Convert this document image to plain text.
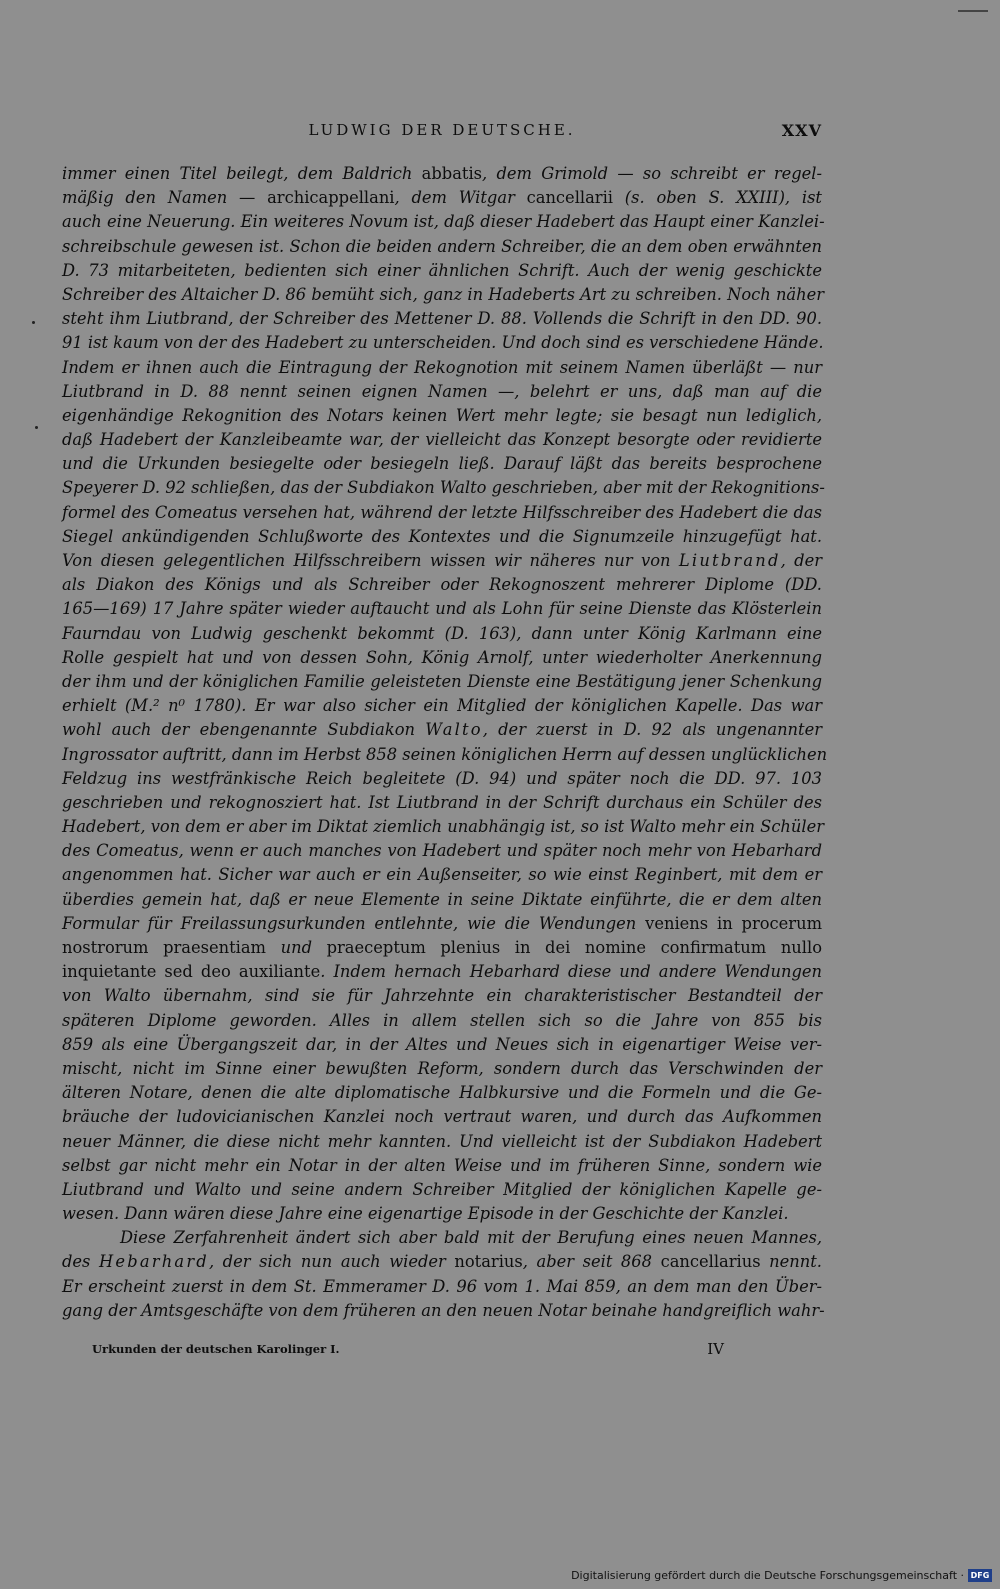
LUDWIG DER DEUTSCHE.	XXV
immer einen Titel beilegt, dem Baldrich abbatis, dem Grimold — so schreibt er regel-
mäßig den Namen — archicappellani, dem Witgar cancellarii (s. oben S. XXIII), ist
auch eine Neuerung. Ein weiteres Novum ist, daß dieser Hadebert das Haupt einer Kanzlei-
schreibschule gewesen ist. Schon die beiden andern Schreiber, die an dem oben erwähnten
D. 73 mitarbeiteten, bedienten sich einer ähnlichen Schrift. Auch der wenig geschickte
Schreiber des Altaicher D. 86 bemüht sich, ganz in Hadeberts Art zu schreiben. Noch näher
steht ihm Liutbrand, der Schreiber des Mettener D. 88. Vollends die Schrift in den DD. 90.
91 ist kaum von der des Hadebert zu unterscheiden. Und doch sind es verschiedene Hände.
Indem er ihnen auch die Eintragung der Rekognotion mit seinem Namen überläßt — nur
Liutbrand in D. 88 nennt seinen eignen Namen —, belehrt er uns, daß man auf die
eigenhändige Rekognition des Notars keinen Wert mehr legte; sie besagt nun lediglich,
daß Hadebert der Kanzleibeamte war, der vielleicht das Konzept besorgte oder revidierte
und die Urkunden besiegelte oder besiegeln ließ. Darauf läßt das bereits besprochene
Speyerer D. 92 schließen, das der Subdiakon Walto geschrieben, aber mit der Rekognitions-
formel des Comeatus versehen hat, während der letzte Hilfsschreiber des Hadebert die das
Siegel ankündigenden Schlußworte des Kontextes und die Signumzeile hinzugefügt hat.
Von diesen gelegentlichen Hilfsschreibern wissen wir näheres nur von Liutbrand, der
als Diakon des Königs und als Schreiber oder Rekognoszent mehrerer Diplome (DD.
165—169) 17 Jahre später wieder auftaucht und als Lohn für seine Dienste das Klösterlein
Faurndau von Ludwig geschenkt bekommt (D. 163), dann unter König Karlmann eine
Rolle gespielt hat und von dessen Sohn, König Arnolf, unter wiederholter Anerkennung
der ihm und der königlichen Familie geleisteten Dienste eine Bestätigung jener Schenkung
erhielt (M.² n⁰ 1780). Er war also sicher ein Mitglied der königlichen Kapelle. Das war
wohl auch der ebengenannte Subdiakon Walto, der zuerst in D. 92 als ungenannter
Ingrossator auftritt, dann im Herbst 858 seinen königlichen Herrn auf dessen unglücklichen
Feldzug ins westfränkische Reich begleitete (D. 94) und später noch die DD. 97. 103
geschrieben und rekognosziert hat. Ist Liutbrand in der Schrift durchaus ein Schüler des
Hadebert, von dem er aber im Diktat ziemlich unabhängig ist, so ist Walto mehr ein Schüler
des Comeatus, wenn er auch manches von Hadebert und später noch mehr von Hebarhard
angenommen hat. Sicher war auch er ein Außenseiter, so wie einst Reginbert, mit dem er
überdies gemein hat, daß er neue Elemente in seine Diktate einführte, die er dem alten
Formular für Freilassungsurkunden entlehnte, wie die Wendungen veniens in procerum
nostrorum praesentiam und praeceptum plenius in dei nomine confirmatum nullo
inquietante sed deo auxiliante. Indem hernach Hebarhard diese und andere Wendungen
von Walto übernahm, sind sie für Jahrzehnte ein charakteristischer Bestandteil der
späteren Diplome geworden. Alles in allem stellen sich so die Jahre von 855 bis
859 als eine Übergangszeit dar, in der Altes und Neues sich in eigenartiger Weise ver-
mischt, nicht im Sinne einer bewußten Reform, sondern durch das Verschwinden der
älteren Notare, denen die alte diplomatische Halbkursive und die Formeln und die Ge-
bräuche der ludovicianischen Kanzlei noch vertraut waren, und durch das Aufkommen
neuer Männer, die diese nicht mehr kannten. Und vielleicht ist der Subdiakon Hadebert
selbst gar nicht mehr ein Notar in der alten Weise und im früheren Sinne, sondern wie
Liutbrand und Walto und seine andern Schreiber Mitglied der königlichen Kapelle ge-
wesen. Dann wären diese Jahre eine eigenartige Episode in der Geschichte der Kanzlei.
Diese Zerfahrenheit ändert sich aber bald mit der Berufung eines neuen Mannes,
des Hebarhard, der sich nun auch wieder notarius, aber seit 868 cancellarius nennt.
Er erscheint zuerst in dem St. Emmeramer D. 96 vom 1. Mai 859, an dem man den Über-
gang der Amtsgeschäfte von dem früheren an den neuen Notar beinahe handgreiflich wahr-
Urkunden der deutschen Karolinger I.	IV
Digitalisierung gefördert durch die Deutsche Forschungsgemeinschaft · DFG
